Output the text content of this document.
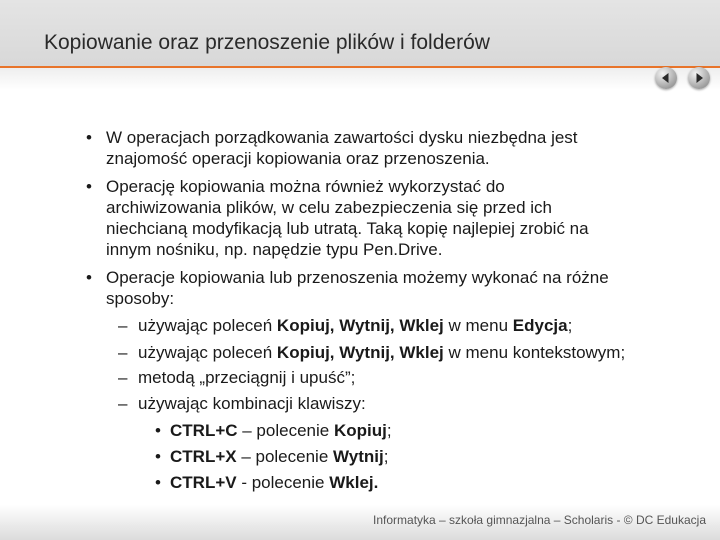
Kopiowanie oraz przenoszenie plików i folderów
• W operacjach porządkowania zawartości dysku niezbędna jest
znajomość operacji kopiowania oraz przenoszenia.
• Operację kopiowania można również wykorzystać do
archiwizowania plików, w celu zabezpieczenia się przed ich
niechcianą modyfikacją lub utratą. Taką kopię najlepiej zrobić na
innym nośniku, np. napędzie typu Pen.Drive.
• Operacje kopiowania lub przenoszenia możemy wykonać na różne
sposoby:
– używając poleceń Kopiuj, Wytnij, Wklej w menu Edycja;
– używając poleceń Kopiuj, Wytnij, Wklej w menu kontekstowym;
– metodą „przeciągnij i upuść”;
– używając kombinacji klawiszy:
• CTRL+C – polecenie Kopiuj;
• CTRL+X – polecenie Wytnij;
• CTRL+V - polecenie Wklej.
Informatyka – szkoła gimnazjalna – Scholaris - © DC Edukacja
